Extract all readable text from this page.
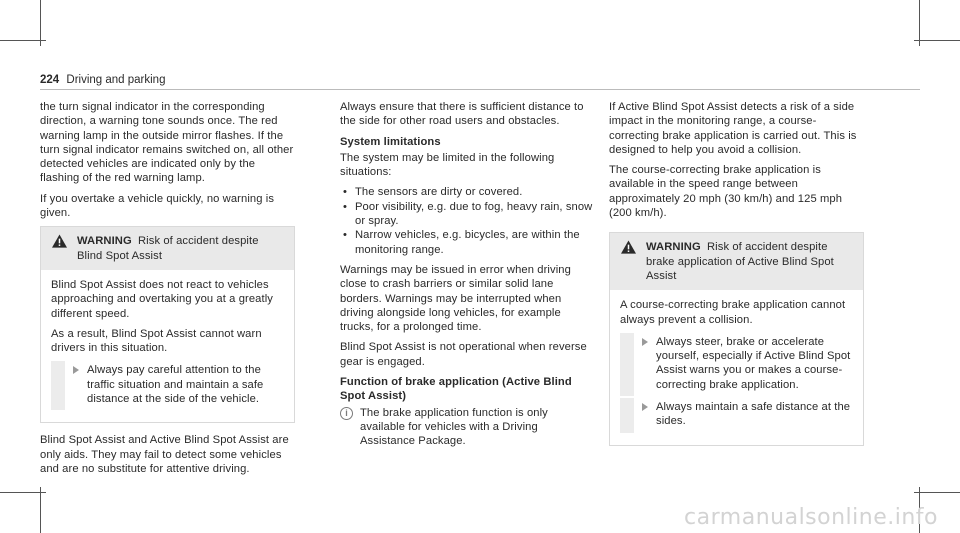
224 Driving and parking

the turn signal indicator in the corresponding direction, a warning tone sounds once. The red warning lamp in the outside mirror flashes. If the turn signal indicator remains switched on, all other detected vehicles are indicated only by the flashing of the red warning lamp.

If you overtake a vehicle quickly, no warning is given.

WARNING Risk of accident despite Blind Spot Assist

Blind Spot Assist does not react to vehicles approaching and overtaking you at a greatly different speed.

As a result, Blind Spot Assist cannot warn drivers in this situation.

Always pay careful attention to the traffic situation and maintain a safe distance at the side of the vehicle.

Blind Spot Assist and Active Blind Spot Assist are only aids. They may fail to detect some vehicles and are no substitute for attentive driving.

Always ensure that there is sufficient distance to the side for other road users and obstacles.

System limitations

The system may be limited in the following situations:

• The sensors are dirty or covered.
• Poor visibility, e.g. due to fog, heavy rain, snow or spray.
• Narrow vehicles, e.g. bicycles, are within the monitoring range.

Warnings may be issued in error when driving close to crash barriers or similar solid lane borders. Warnings may be interrupted when driving alongside long vehicles, for example trucks, for a prolonged time.

Blind Spot Assist is not operational when reverse gear is engaged.

Function of brake application (Active Blind Spot Assist)
i	The brake application function is only available for vehicles with a Driving Assistance Package.

If Active Blind Spot Assist detects a risk of a side impact in the monitoring range, a course-correcting brake application is carried out. This is designed to help you avoid a collision.

The course-correcting brake application is available in the speed range between approximately 20 mph (30 km/h) and 125 mph (200 km/h).

WARNING Risk of accident despite brake application of Active Blind Spot Assist

A course-correcting brake application cannot always prevent a collision.

Always steer, brake or accelerate yourself, especially if Active Blind Spot Assist warns you or makes a course-correcting brake application.
Always maintain a safe distance at the sides.
carmanualsonline.info
